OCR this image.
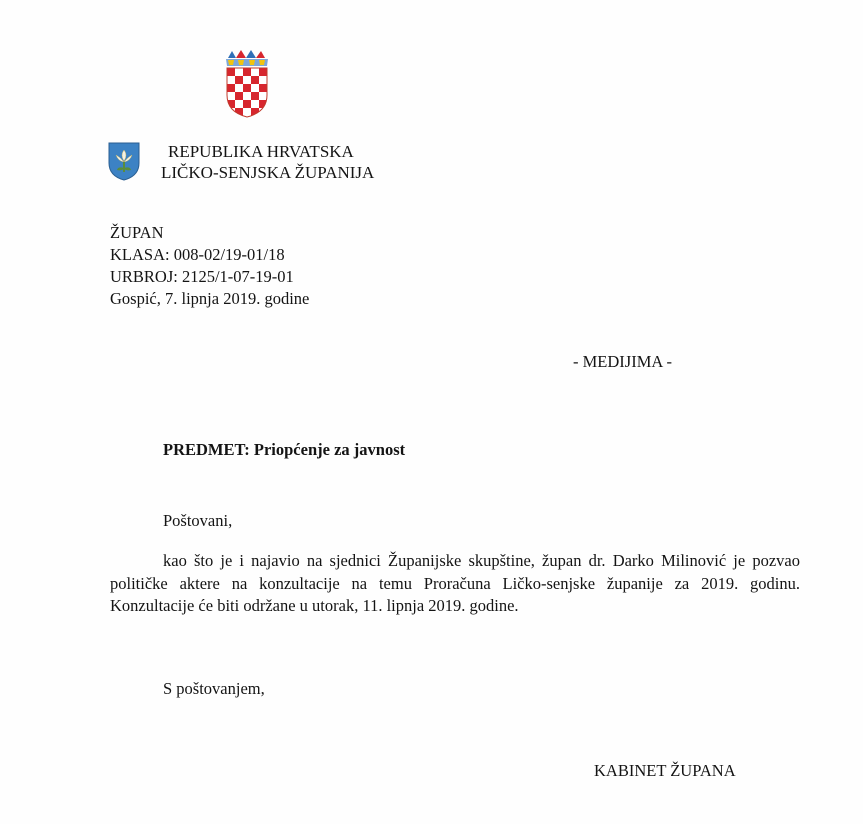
REPUBLIKA HRVATSKA
LIČKO-SENJSKA ŽUPANIJA
ŽUPAN
KLASA: 008-02/19-01/18
URBROJ: 2125/1-07-19-01
Gospić, 7. lipnja 2019. godine
- MEDIJIMA -
PREDMET: Priopćenje za javnost
Poštovani,
kao što je i najavio na sjednici Županijske skupštine, župan dr. Darko Milinović je pozvao političke aktere na konzultacije na temu Proračuna Ličko-senjske županije za 2019. godinu. Konzultacije će biti održane u utorak, 11. lipnja 2019. godine.
S poštovanjem,
KABINET ŽUPANA
